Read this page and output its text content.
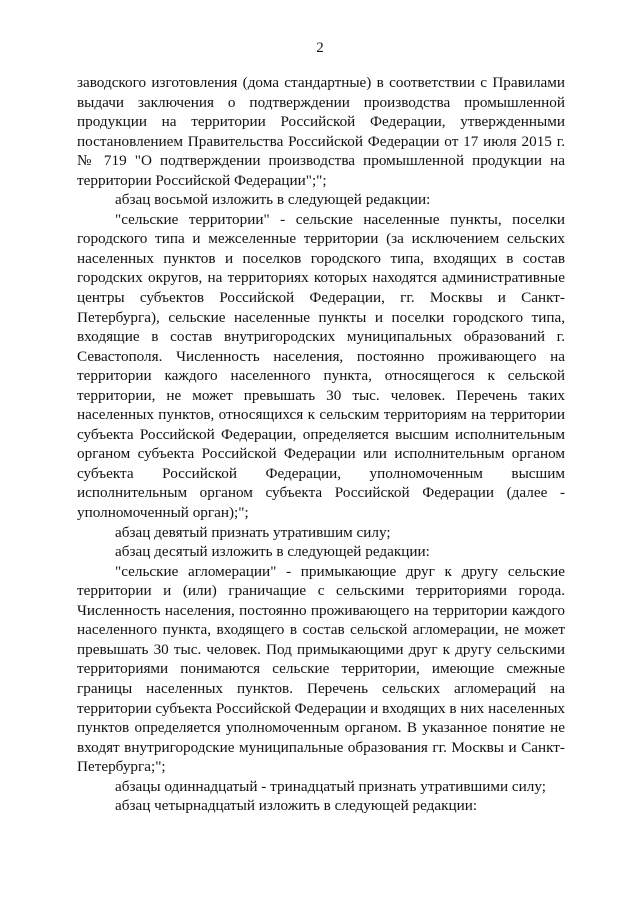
2

заводского изготовления (дома стандартные) в соответствии с Правилами выдачи заключения о подтверждении производства промышленной продукции на территории Российской Федерации, утвержденными постановлением Правительства Российской Федерации от 17 июля 2015 г. № 719 "О подтверждении производства промышленной продукции на территории Российской Федерации";";

абзац восьмой изложить в следующей редакции:

"сельские территории" - сельские населенные пункты, поселки городского типа и межселенные территории (за исключением сельских населенных пунктов и поселков городского типа, входящих в состав городских округов, на территориях которых находятся административные центры субъектов Российской Федерации, гг. Москвы и Санкт-Петербурга), сельские населенные пункты и поселки городского типа, входящие в состав внутригородских муниципальных образований г. Севастополя. Численность населения, постоянно проживающего на территории каждого населенного пункта, относящегося к сельской территории, не может превышать 30 тыс. человек. Перечень таких населенных пунктов, относящихся к сельским территориям на территории субъекта Российской Федерации, определяется высшим исполнительным органом субъекта Российской Федерации или исполнительным органом субъекта Российской Федерации, уполномоченным высшим исполнительным органом субъекта Российской Федерации (далее - уполномоченный орган);";

абзац девятый признать утратившим силу;

абзац десятый изложить в следующей редакции:

"сельские агломерации" - примыкающие друг к другу сельские территории и (или) граничащие с сельскими территориями города. Численность населения, постоянно проживающего на территории каждого населенного пункта, входящего в состав сельской агломерации, не может превышать 30 тыс. человек. Под примыкающими друг к другу сельскими территориями понимаются сельские территории, имеющие смежные границы населенных пунктов. Перечень сельских агломераций на территории субъекта Российской Федерации и входящих в них населенных пунктов определяется уполномоченным органом. В указанное понятие не входят внутригородские муниципальные образования гг. Москвы и Санкт-Петербурга;";

абзацы одиннадцатый - тринадцатый признать утратившими силу;

абзац четырнадцатый изложить в следующей редакции:
